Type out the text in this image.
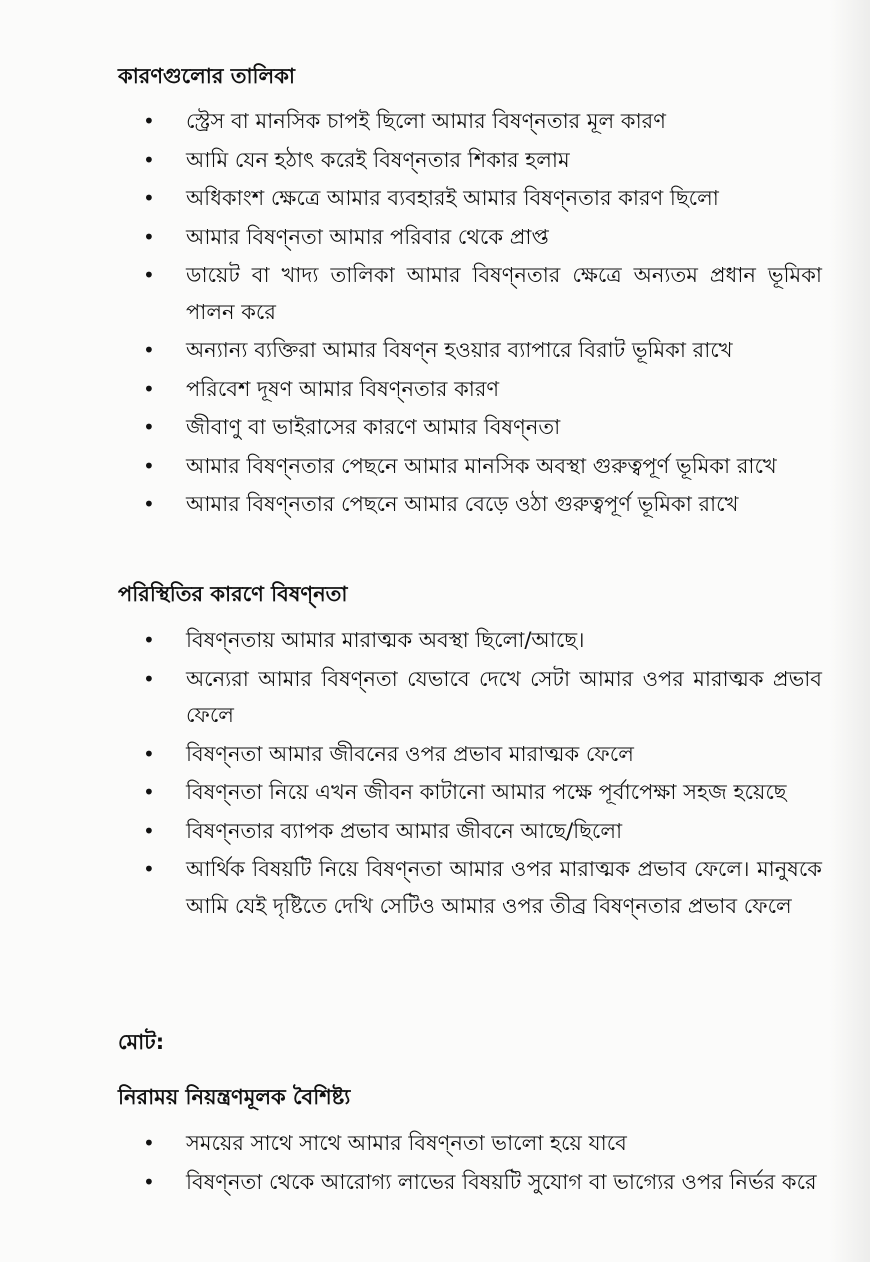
কারণগুলোর তালিকা
• স্ট্রেস বা মানসিক চাপই ছিলো আমার বিষণ্নতার মূল কারণ
• আমি যেন হঠাৎ করেই বিষণ্নতার শিকার হলাম
• অধিকাংশ ক্ষেত্রে আমার ব্যবহারই আমার বিষণ্নতার কারণ ছিলো
• আমার বিষণ্নতা আমার পরিবার থেকে প্রাপ্ত
• ডায়েট বা খাদ্য তালিকা আমার বিষণ্নতার ক্ষেত্রে অন্যতম প্রধান ভূমিকা পালন করে
• অন্যান্য ব্যক্তিরা আমার বিষণ্ন হওয়ার ব্যাপারে বিরাট ভূমিকা রাখে
• পরিবেশ দূষণ আমার বিষণ্নতার কারণ
• জীবাণু বা ভাইরাসের কারণে আমার বিষণ্নতা
• আমার বিষণ্নতার পেছনে আমার মানসিক অবস্থা গুরুত্বপূর্ণ ভূমিকা রাখে
• আমার বিষণ্নতার পেছনে আমার বেড়ে ওঠা গুরুত্বপূর্ণ ভূমিকা রাখে
পরিস্থিতির কারণে বিষণ্নতা
• বিষণ্নতায় আমার মারাত্মক অবস্থা ছিলো/আছে।
• অন্যেরা আমার বিষণ্নতা যেভাবে দেখে সেটা আমার ওপর মারাত্মক প্রভাব ফেলে
• বিষণ্নতা আমার জীবনের ওপর প্রভাব মারাত্মক ফেলে
• বিষণ্নতা নিয়ে এখন জীবন কাটানো আমার পক্ষে পূর্বাপেক্ষা সহজ হয়েছে
• বিষণ্নতার ব্যাপক প্রভাব আমার জীবনে আছে/ছিলো
• আর্থিক বিষয়টি নিয়ে বিষণ্নতা আমার ওপর মারাত্মক প্রভাব ফেলে। মানুষকে আমি যেই দৃষ্টিতে দেখি সেটিও আমার ওপর তীব্র বিষণ্নতার প্রভাব ফেলে
মোট:
নিরাময় নিয়ন্ত্রণমূলক বৈশিষ্ট্য
• সময়ের সাথে সাথে আমার বিষণ্নতা ভালো হয়ে যাবে
• বিষণ্নতা থেকে আরোগ্য লাভের বিষয়টি সুযোগ বা ভাগ্যের ওপর নির্ভর করে
